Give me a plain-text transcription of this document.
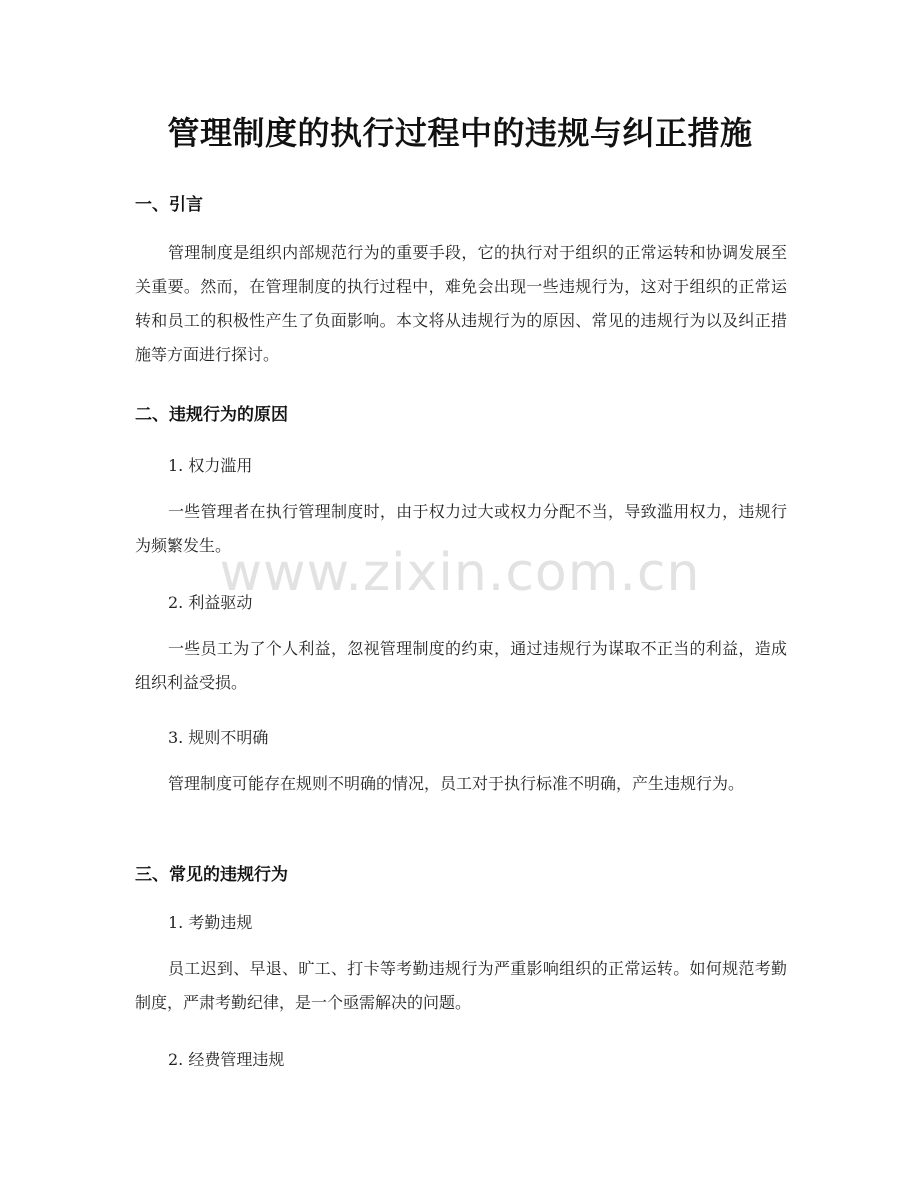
管理制度的执行过程中的违规与纠正措施
一、引言
管理制度是组织内部规范行为的重要手段，它的执行对于组织的正常运转和协调发展至关重要。然而，在管理制度的执行过程中，难免会出现一些违规行为，这对于组织的正常运转和员工的积极性产生了负面影响。本文将从违规行为的原因、常见的违规行为以及纠正措施等方面进行探讨。
二、违规行为的原因
1. 权力滥用
一些管理者在执行管理制度时，由于权力过大或权力分配不当，导致滥用权力，违规行为频繁发生。
2. 利益驱动
一些员工为了个人利益，忽视管理制度的约束，通过违规行为谋取不正当的利益，造成组织利益受损。
3. 规则不明确
管理制度可能存在规则不明确的情况，员工对于执行标准不明确，产生违规行为。
三、常见的违规行为
1. 考勤违规
员工迟到、早退、旷工、打卡等考勤违规行为严重影响组织的正常运转。如何规范考勤制度，严肃考勤纪律，是一个亟需解决的问题。
2. 经费管理违规
www.zixin.com.cn
